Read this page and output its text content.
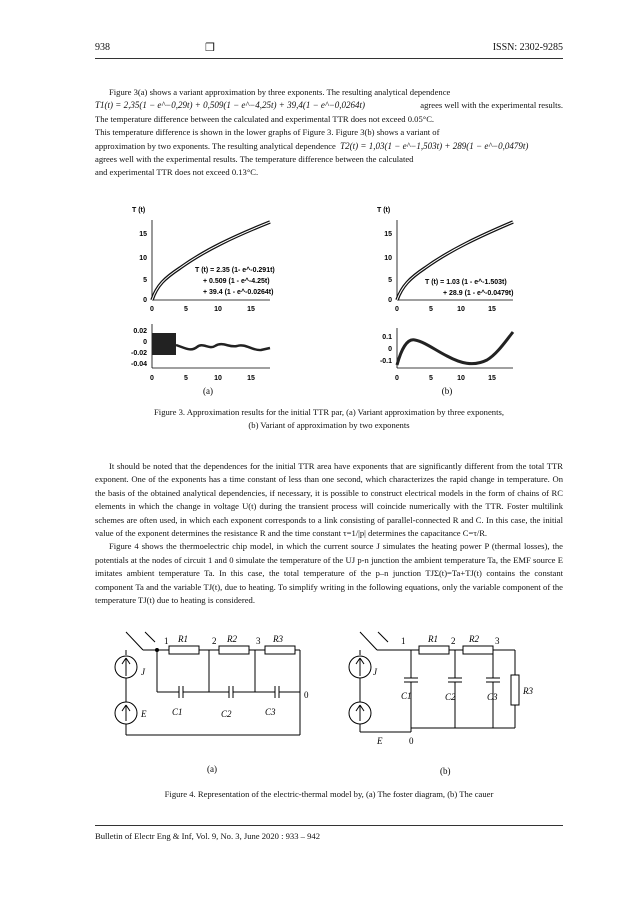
938	❒	ISSN: 2302-9285

Figure 3(a) shows a variant approximation by three exponents. The resulting analytical dependence

T1(t) = 2,35(1 − e^−0,29t) + 0,509(1 − e^−4,25t) + 39,4(1 − e^−0,0264t)	agrees well with the experimental results.

The temperature difference between the calculated and experimental TTR does not exceed 0.05°C.

This temperature difference is shown in the lower graphs of Figure 3. Figure 3(b) shows a variant of

approximation by two exponents. The resulting analytical dependence T2(t) = 1,03(1 − e^−1,503t) + 289(1 − e^−0,0479t)

agrees well with the experimental results. The temperature difference between the calculated

and experimental TTR does not exceed 0.13°C.

T (t)
15
10
5
0
T (t) = 2.35 (1- e^-0.291t)
+ 0.509 (1 - e^-4.25t)
+ 39.4 (1 - e^-0.0264t)
0	5	10	15
0.02
0
-0.02
-0.04
0	5	10	15
(a)
T (t)
15
10
5
0
T (t) = 1.03 (1 - e^-1.503t)
+ 28.9 (1 - e^-0.0479t)
0	5	10	15
0.1
0
-0.1
0	5	10	15
(b)
Figure 3. Approximation results for the initial TTR par, (a) Variant approximation by three exponents,
(b) Variant of approximation by two exponents

It should be noted that the dependences for the initial TTR area have exponents that are significantly different from the total TTR exponent. One of the exponents has a time constant of less than one second, which characterizes the rapid change in temperature. On the basis of the obtained analytical dependencies, if necessary, it is possible to construct electrical models in the form of chains of RC elements in which the change in voltage U(t) during the transient process will coincide numerically with the TTR. Foster multilink schemes are often used, in which each exponent corresponds to a link consisting of parallel-connected R and C. In this case, the initial value of the exponent determines the resistance R and the time constant τ=1/|p| determines the capacitance C=τ/R.

Figure 4 shows the thermoelectric chip model, in which the current source J simulates the heating power P (thermal losses), the potentials at the nodes of circuit 1 and 0 simulate the temperature of the UJ p-n junction the ambient temperature Ta, the EMF source E imitates ambient temperature Ta. In this case, the total temperature of the p–n junction TJΣ(t)=Ta+TJ(t) contains the constant component Ta and the variable TJ(t), due to heating. To simplify writing in the following equations, only the variable component of the temperature TJ(t) due to heating is considered.

R1	R2	R3
C1	C2	C3
1	2	3
0
J
E
(a)
R1	R2
R3
C1	C2	C3
1	2	3
0
J
E
(b)
Figure 4. Representation of the electric-thermal model by, (a) The foster diagram, (b) The cauer
Bulletin of Electr Eng & Inf, Vol. 9, No. 3, June 2020 : 933 – 942
